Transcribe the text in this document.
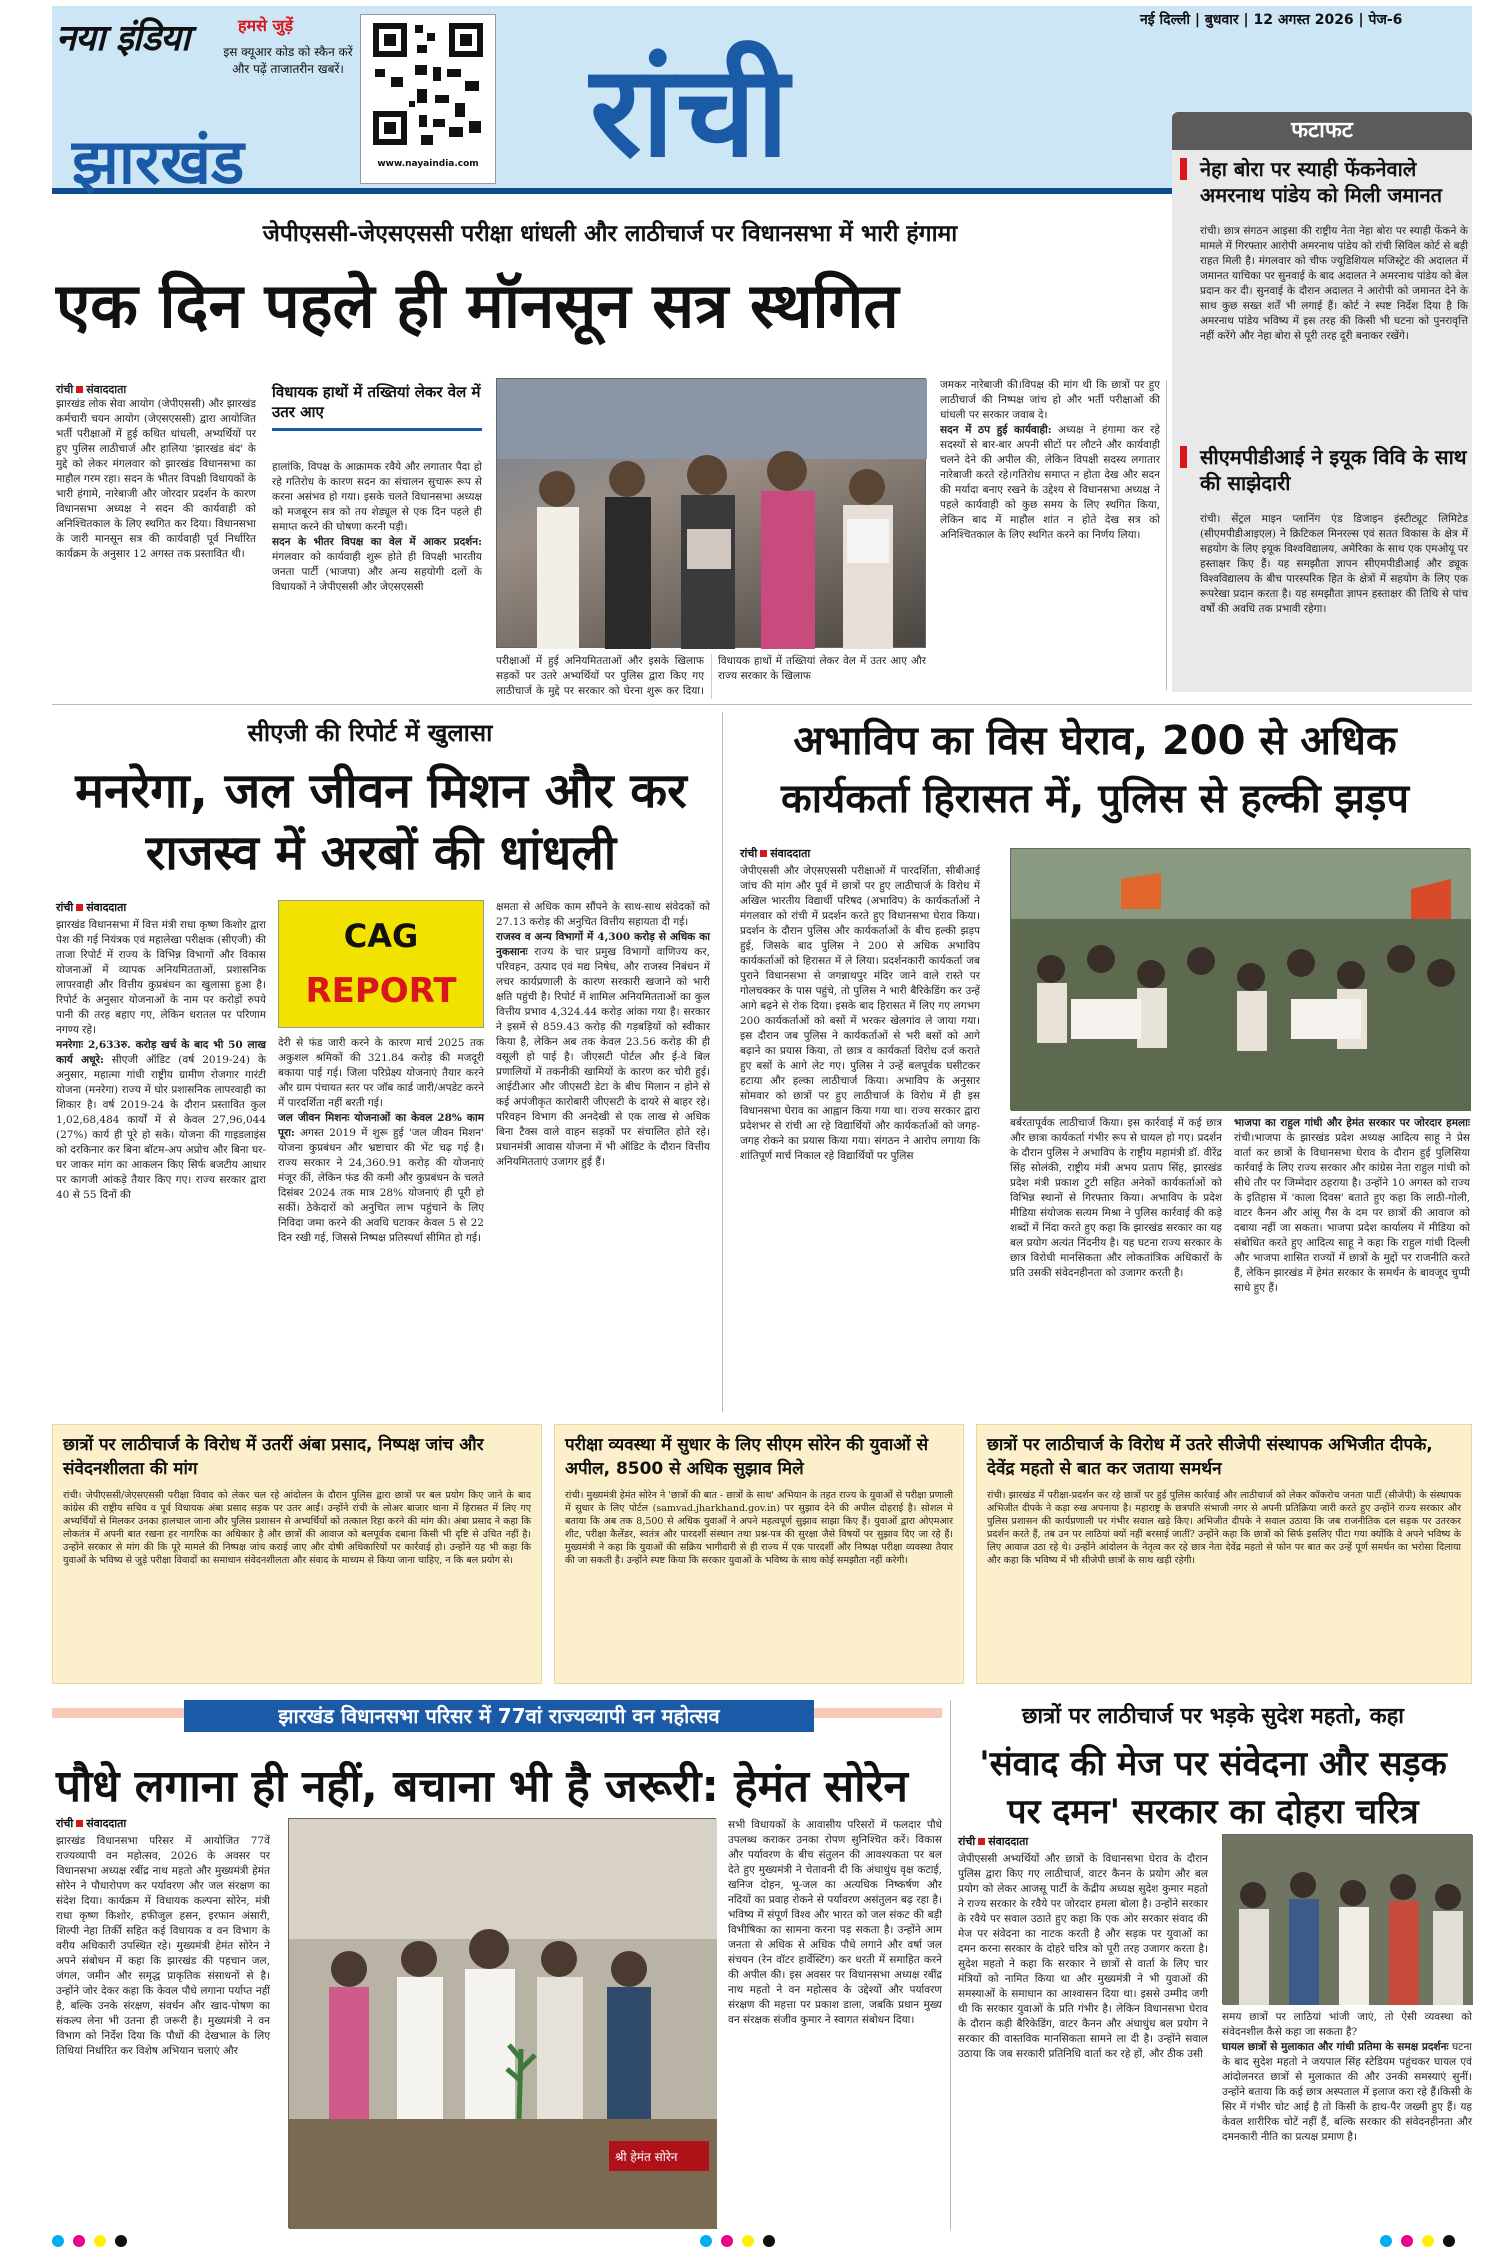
नया इंडिया
झारखंड
हमसे जुड़ें
इस क्यूआर कोड को स्कैन करें और पढ़ें ताजातरीन खबरें।
www.nayaindia.com रांची
नई दिल्ली | बुधवार | 12 अगस्त 2026 | पेज-6
फटाफट
नेहा बोरा पर स्याही फेंकनेवाले अमरनाथ पांडेय को मिली जमानत
रांची। छात्र संगठन आइसा की राष्ट्रीय नेता नेहा बोरा पर स्याही फेंकने के मामले में गिरफ्तार आरोपी अमरनाथ पांडेय को रांची सिविल कोर्ट से बड़ी राहत मिली है। मंगलवार को चीफ ज्यूडिशियल मजिस्ट्रेट की अदालत में जमानत याचिका पर सुनवाई के बाद अदालत ने अमरनाथ पांडेय को बेल प्रदान कर दी। सुनवाई के दौरान अदालत ने आरोपी को जमानत देने के साथ कुछ सख्त शर्तें भी लगाई हैं। कोर्ट ने स्पष्ट निर्देश दिया है कि अमरनाथ पांडेय भविष्य में इस तरह की किसी भी घटना को पुनरावृत्ति नहीं करेंगे और नेहा बोरा से पूरी तरह दूरी बनाकर रखेंगे।
सीएमपीडीआई ने इयूक विवि के साथ की साझेदारी
रांची। सेंट्रल माइन प्लानिंग एंड डिजाइन इंस्टीट्यूट लिमिटेड (सीएमपीडीआइएल) ने क्रिटिकल मिनरल्स एवं सतत विकास के क्षेत्र में सहयोग के लिए इयूक विश्वविद्यालय, अमेरिका के साथ एक एमओयू पर हस्ताक्षर किए हैं। यह समझौता ज्ञापन सीएमपीडीआई और ड्यूक विश्वविद्यालय के बीच पारस्परिक हित के क्षेत्रों में सहयोग के लिए एक रूपरेखा प्रदान करता है। यह समझौता ज्ञापन हस्ताक्षर की तिथि से पांच वर्षों की अवधि तक प्रभावी रहेगा।
जेपीएससी-जेएसएससी परीक्षा धांधली और लाठीचार्ज पर विधानसभा में भारी हंगामा
एक दिन पहले ही मॉनसून सत्र स्थगित
रांची संवाददाता
झारखंड लोक सेवा आयोग (जेपीएससी) और झारखंड कर्मचारी चयन आयोग (जेएसएससी) द्वारा आयोजित भर्ती परीक्षाओं में हुई कथित धांधली, अभ्यर्थियों पर हुए पुलिस लाठीचार्ज और हालिया 'झारखंड बंद' के मुद्दे को लेकर मंगलवार को झारखंड विधानसभा का माहौल गरम रहा। सदन के भीतर विपक्षी विधायकों के भारी हंगामे, नारेबाजी और जोरदार प्रदर्शन के कारण विधानसभा अध्यक्ष ने सदन की कार्यवाही को अनिश्चितकाल के लिए स्थगित कर दिया। विधानसभा के जारी मानसून सत्र की कार्यवाही पूर्व निर्धारित कार्यक्रम के अनुसार 12 अगस्त तक प्रस्तावित थी।
विधायक हाथों में तख्तियां लेकर वेल में उतर आए
हालांकि, विपक्ष के आक्रामक रवैये और लगातार पैदा हो रहे गतिरोध के कारण सदन का संचालन सुचारू रूप से करना असंभव हो गया। इसके चलते विधानसभा अध्यक्ष को मजबूरन सत्र को तय शेड्यूल से एक दिन पहले ही समाप्त करने की घोषणा करनी पड़ी।
सदन के भीतर विपक्ष का वेल में आकर प्रदर्शन: मंगलवार को कार्यवाही शुरू होते ही विपक्षी भारतीय जनता पार्टी (भाजपा) और अन्य सहयोगी दलों के विधायकों ने जेपीएससी और जेएसएससी
परीक्षाओं में हुई अनियमितताओं और इसके खिलाफ सड़कों पर उतरे अभ्यर्थियों पर पुलिस द्वारा किए गए लाठीचार्ज के मुद्दे पर सरकार को घेरना शुरू कर दिया। विधायक हाथों में तख्तियां लेकर वेल में उतर आए और राज्य सरकार के खिलाफ
जमकर नारेबाजी की।विपक्ष की मांग थी कि छात्रों पर हुए लाठीचार्ज की निष्पक्ष जांच हो और भर्ती परीक्षाओं की धांधली पर सरकार जवाब दे।
सदन में ठप हुई कार्यवाही: अध्यक्ष ने हंगामा कर रहे सदस्यों से बार-बार अपनी सीटों पर लौटने और कार्यवाही चलने देने की अपील की, लेकिन विपक्षी सदस्य लगातार नारेबाजी करते रहे।गतिरोध समाप्त न होता देख और सदन की मर्यादा बनाए रखने के उद्देश्य से विधानसभा अध्यक्ष ने पहले कार्यवाही को कुछ समय के लिए स्थगित किया, लेकिन बाद में माहौल शांत न होते देख सत्र को अनिश्चितकाल के लिए स्थगित करने का निर्णय लिया।
सीएजी की रिपोर्ट में खुलासा
मनरेगा, जल जीवन मिशन और कर राजस्व में अरबों की धांधली
रांची संवाददाता
झारखंड विधानसभा में वित्त मंत्री राधा कृष्ण किशोर द्वारा पेश की गई नियंत्रक एवं महालेखा परीक्षक (सीएजी) की ताजा रिपोर्ट में राज्य के विभिन्न विभागों और विकास योजनाओं में व्यापक अनियमितताओं, प्रशासनिक लापरवाही और वित्तीय कुप्रबंधन का खुलासा हुआ है। रिपोर्ट के अनुसार योजनाओं के नाम पर करोड़ों रुपये पानी की तरह बहाए गए, लेकिन धरातल पर परिणाम नगण्य रहे।
मनरेगाः 2,633रु. करोड़ खर्च के बाद भी 50 लाख कार्य अधूरे: सीएजी ऑडिट (वर्ष 2019-24) के अनुसार, महात्मा गांधी राष्ट्रीय ग्रामीण रोजगार गारंटी योजना (मनरेगा) राज्य में घोर प्रशासनिक लापरवाही का शिकार है। वर्ष 2019-24 के दौरान प्रस्तावित कुल 1,02,68,484 कार्यों में से केवल 27,96,044 (27%) कार्य ही पूरे हो सके। योजना की गाइडलाइंस को दरकिनार कर बिना बॉटम-अप अप्रोच और बिना घर-घर जाकर मांग का आकलन किए सिर्फ बजटीय आधार पर कागजी आंकड़े तैयार किए गए। राज्य सरकार द्वारा 40 से 55 दिनों की
CAG
REPORT
देरी से फंड जारी करने के कारण मार्च 2025 तक अकुशल श्रमिकों की 321.84 करोड़ की मजदूरी बकाया पाई गई। जिला परिप्रेक्ष्य योजनाएं तैयार करने और ग्राम पंचायत स्तर पर जॉब कार्ड जारी/अपडेट करने में पारदर्शिता नहीं बरती गई।
जल जीवन मिशनः योजनाओं का केवल 28% काम पूरा: अगस्त 2019 में शुरू हुई 'जल जीवन मिशन' योजना कुप्रबंधन और भ्रष्टाचार की भेंट चढ़ गई है। राज्य सरकार ने 24,360.91 करोड़ की योजनाएं मंजूर कीं, लेकिन फंड की कमी और कुप्रबंधन के चलते दिसंबर 2024 तक मात्र 28% योजनाएं ही पूरी हो सकीं। ठेकेदारों को अनुचित लाभ पहुंचाने के लिए निविदा जमा करने की अवधि घटाकर केवल 5 से 22 दिन रखी गई, जिससे निष्पक्ष प्रतिस्पर्धा सीमित हो गई।
क्षमता से अधिक काम सौंपने के साथ-साथ संवेदकों को 27.13 करोड़ की अनुचित वित्तीय सहायता दी गई।
राजस्व व अन्य विभागों में 4,300 करोड़ से अधिक का नुकसानः राज्य के चार प्रमुख विभागों वाणिज्य कर, परिवहन, उत्पाद एवं मद्य निषेध, और राजस्व निबंधन में लचर कार्यप्रणाली के कारण सरकारी खजाने को भारी क्षति पहुंची है। रिपोर्ट में शामिल अनियमितताओं का कुल वित्तीय प्रभाव 4,324.44 करोड़ आंका गया है। सरकार ने इसमें से 859.43 करोड़ की गड़बड़ियों को स्वीकार किया है, लेकिन अब तक केवल 23.56 करोड़ की ही वसूली हो पाई है। जीएसटी पोर्टल और ई-वे बिल प्रणालियों में तकनीकी खामियों के कारण कर चोरी हुई।आईटीआर और जीएसटी डेटा के बीच मिलान न होने से कई अपंजीकृत कारोबारी जीएसटी के दायरे से बाहर रहे। परिवहन विभाग की अनदेखी से एक लाख से अधिक बिना टैक्स वाले वाहन सड़कों पर संचालित होते रहे।प्रधानमंत्री आवास योजना में भी ऑडिट के दौरान वित्तीय अनियमितताएं उजागर हुई हैं।
अभाविप का विस घेराव, 200 से अधिक कार्यकर्ता हिरासत में, पुलिस से हल्की झड़प
रांची संवाददाता
जेपीएससी और जेएसएससी परीक्षाओं में पारदर्शिता, सीबीआई जांच की मांग और पूर्व में छात्रों पर हुए लाठीचार्ज के विरोध में अखिल भारतीय विद्यार्थी परिषद (अभाविप) के कार्यकर्ताओं ने मंगलवार को रांची में प्रदर्शन करते हुए विधानसभा घेराव किया। प्रदर्शन के दौरान पुलिस और कार्यकर्ताओं के बीच हल्की झड़प हुई, जिसके बाद पुलिस ने 200 से अधिक अभाविप कार्यकर्ताओं को हिरासत में ले लिया। प्रदर्शनकारी कार्यकर्ता जब पुराने विधानसभा से जगन्नाथपुर मंदिर जाने वाले रास्ते पर गोलचक्कर के पास पहुंचे, तो पुलिस ने भारी बैरिकेडिंग कर उन्हें आगे बढ़ने से रोक दिया। इसके बाद हिरासत में लिए गए लगभग 200 कार्यकर्ताओं को बसों में भरकर खेलगांव ले जाया गया। इस दौरान जब पुलिस ने कार्यकर्ताओं से भरी बसों को आगे बढ़ाने का प्रयास किया, तो छात्र व कार्यकर्ता विरोध दर्ज कराते हुए बसों के आगे लेट गए। पुलिस ने उन्हें बलपूर्वक घसीटकर हटाया और हल्का लाठीचार्ज किया। अभाविप के अनुसार सोमवार को छात्रों पर हुए लाठीचार्ज के विरोध में ही इस विधानसभा घेराव का आह्वान किया गया था। राज्य सरकार द्वारा प्रदेशभर से रांची आ रहे विद्यार्थियों और कार्यकर्ताओं को जगह-जगह रोकने का प्रयास किया गया। संगठन ने आरोप लगाया कि शांतिपूर्ण मार्च निकाल रहे विद्यार्थियों पर पुलिस
बर्बरतापूर्वक लाठीचार्ज किया। इस कार्रवाई में कई छात्र और छात्रा कार्यकर्ता गंभीर रूप से घायल हो गए। प्रदर्शन के दौरान पुलिस ने अभाविप के राष्ट्रीय महामंत्री डॉ. वीरेंद्र सिंह सोलंकी, राष्ट्रीय मंत्री अभय प्रताप सिंह, झारखंड प्रदेश मंत्री प्रकाश टुटी सहित अनेकों कार्यकर्ताओं को विभिन्न स्थानों से गिरफ्तार किया। अभाविप के प्रदेश मीडिया संयोजक सत्यम मिश्रा ने पुलिस कार्रवाई की कड़े शब्दों में निंदा करते हुए कहा कि झारखंड सरकार का यह बल प्रयोग अत्यंत निंदनीय है। यह घटना राज्य सरकार के छात्र विरोधी मानसिकता और लोकतांत्रिक अधिकारों के प्रति उसकी संवेदनहीनता को उजागर करती है।
भाजपा का राहुल गांधी और हेमंत सरकार पर जोरदार हमलाः रांची।भाजपा के झारखंड प्रदेश अध्यक्ष आदित्य साहू ने प्रेस वार्ता कर छात्रों के विधानसभा घेराव के दौरान हुई पुलिसिया कार्रवाई के लिए राज्य सरकार और कांग्रेस नेता राहुल गांधी को सीधे तौर पर जिम्मेदार ठहराया है। उन्होंने 10 अगस्त को राज्य के इतिहास में 'काला दिवस' बताते हुए कहा कि लाठी-गोली, वाटर कैनन और आंसू गैस के दम पर छात्रों की आवाज को दबाया नहीं जा सकता। भाजपा प्रदेश कार्यालय में मीडिया को संबोधित करते हुए आदित्य साहू ने कहा कि राहुल गांधी दिल्ली और भाजपा शासित राज्यों में छात्रों के मुद्दों पर राजनीति करते हैं, लेकिन झारखंड में हेमंत सरकार के समर्थन के बावजूद चुप्पी साधे हुए हैं।
छात्रों पर लाठीचार्ज के विरोध में उतरीं अंबा प्रसाद, निष्पक्ष जांच और संवेदनशीलता की मांग
रांची। जेपीएससी/जेएसएससी परीक्षा विवाद को लेकर चल रहे आंदोलन के दौरान पुलिस द्वारा छात्रों पर बल प्रयोग किए जाने के बाद कांग्रेस की राष्ट्रीय सचिव व पूर्व विधायक अंबा प्रसाद सड़क पर उतर आईं। उन्होंने रांची के लोअर बाजार थाना में हिरासत में लिए गए अभ्यर्थियों से मिलकर उनका हालचाल जाना और पुलिस प्रशासन से अभ्यर्थियों को तत्काल रिहा करने की मांग की। अंबा प्रसाद ने कहा कि लोकतंत्र में अपनी बात रखना हर नागरिक का अधिकार है और छात्रों की आवाज को बलपूर्वक दबाना किसी भी दृष्टि से उचित नहीं है। उन्होंने सरकार से मांग की कि पूरे मामले की निष्पक्ष जांच कराई जाए और दोषी अधिकारियों पर कार्रवाई हो। उन्होंने यह भी कहा कि युवाओं के भविष्य से जुड़े परीक्षा विवादों का समाधान संवेदनशीलता और संवाद के माध्यम से किया जाना चाहिए, न कि बल प्रयोग से।
परीक्षा व्यवस्था में सुधार के लिए सीएम सोरेन की युवाओं से अपील, 8500 से अधिक सुझाव मिले
रांची। मुख्यमंत्री हेमंत सोरेन ने 'छात्रों की बात - छात्रों के साथ' अभियान के तहत राज्य के युवाओं से परीक्षा प्रणाली में सुधार के लिए पोर्टल (samvad.jharkhand.gov.in) पर सुझाव देने की अपील दोहराई है। सोशल मे बताया कि अब तक 8,500 से अधिक युवाओं ने अपने महत्वपूर्ण सुझाव साझा किए हैं। युवाओं द्वारा ओएमआर शीट, परीक्षा कैलेंडर, स्वतंत्र और पारदर्शी संस्थान तथा प्रश्न-पत्र की सुरक्षा जैसे विषयों पर सुझाव दिए जा रहे हैं। मुख्यमंत्री ने कहा कि युवाओं की सक्रिय भागीदारी से ही राज्य में एक पारदर्शी और निष्पक्ष परीक्षा व्यवस्था तैयार की जा सकती है। उन्होंने स्पष्ट किया कि सरकार युवाओं के भविष्य के साथ कोई समझौता नहीं करेगी।
छात्रों पर लाठीचार्ज के विरोध में उतरे सीजेपी संस्थापक अभिजीत दीपके, देवेंद्र महतो से बात कर जताया समर्थन
रांची। झारखंड में परीक्षा-प्रदर्शन कर रहे छात्रों पर हुई पुलिस कार्रवाई और लाठीचार्ज को लेकर कॉकरोच जनता पार्टी (सीजेपी) के संस्थापक अभिजीत दीपके ने कड़ा रुख अपनाया है। महाराष्ट्र के छत्रपति संभाजी नगर से अपनी प्रतिक्रिया जारी करते हुए उन्होंने राज्य सरकार और पुलिस प्रशासन की कार्यप्रणाली पर गंभीर सवाल खड़े किए। अभिजीत दीपके ने सवाल उठाया कि जब राजनीतिक दल सड़क पर उतरकर प्रदर्शन करते हैं, तब उन पर लाठियां क्यों नहीं बरसाई जातीं? उन्होंने कहा कि छात्रों को सिर्फ इसलिए पीटा गया क्योंकि वे अपने भविष्य के लिए आवाज उठा रहे थे। उन्होंने आंदोलन के नेतृत्व कर रहे छात्र नेता देवेंद्र महतो से फोन पर बात कर उन्हें पूर्ण समर्थन का भरोसा दिलाया और कहा कि भविष्य में भी सीजेपी छात्रों के साथ खड़ी रहेगी।
झारखंड विधानसभा परिसर में 77वां राज्यव्यापी वन महोत्सव
पौधे लगाना ही नहीं, बचाना भी है जरूरी: हेमंत सोरेन
रांची संवाददाता
झारखंड विधानसभा परिसर में आयोजित 77वें राज्यव्यापी वन महोत्सव, 2026 के अवसर पर विधानसभा अध्यक्ष रबींद्र नाथ महतो और मुख्यमंत्री हेमंत सोरेन ने पौधारोपण कर पर्यावरण और जल संरक्षण का संदेश दिया। कार्यक्रम में विधायक कल्पना सोरेन, मंत्री राधा कृष्ण किशोर, हफीजुल हसन, इरफान अंसारी, शिल्पी नेहा तिर्की सहित कई विधायक व वन विभाग के वरीय अधिकारी उपस्थित रहे। मुख्यमंत्री हेमंत सोरेन ने अपने संबोधन में कहा कि झारखंड की पहचान जल, जंगल, जमीन और समृद्ध प्राकृतिक संसाधनों से है। उन्होंने जोर देकर कहा कि केवल पौधे लगाना पर्याप्त नहीं है, बल्कि उनके संरक्षण, संवर्धन और खाद-पोषण का संकल्प लेना भी उतना ही जरूरी है। मुख्यमंत्री ने वन विभाग को निर्देश दिया कि पौधों की देखभाल के लिए तिथियां निर्धारित कर विशेष अभियान चलाएं और
श्री हेमंत सोरेन
सभी विधायकों के आवासीय परिसरों में फलदार पौधे उपलब्ध कराकर उनका रोपण सुनिश्चित करें। विकास और पर्यावरण के बीच संतुलन की आवश्यकता पर बल देते हुए मुख्यमंत्री ने चेतावनी दी कि अंधाधुंध वृक्ष कटाई, खनिज दोहन, भू-जल का अत्यधिक निष्कर्षण और नदियों का प्रवाह रोकने से पर्यावरण असंतुलन बढ़ रहा है। भविष्य में संपूर्ण विश्व और भारत को जल संकट की बड़ी विभीषिका का सामना करना पड़ सकता है। उन्होंने आम जनता से अधिक से अधिक पौधे लगाने और वर्षा जल संचयन (रेन वॉटर हार्वेस्टिंग) कर धरती में समाहित करने की अपील की। इस अवसर पर विधानसभा अध्यक्ष रबींद्र नाथ महतो ने वन महोत्सव के उद्देश्यों और पर्यावरण संरक्षण की महत्ता पर प्रकाश डाला, जबकि प्रधान मुख्य वन संरक्षक संजीव कुमार ने स्वागत संबोधन दिया।
छात्रों पर लाठीचार्ज पर भड़के सुदेश महतो, कहा
'संवाद की मेज पर संवेदना और सड़क पर दमन' सरकार का दोहरा चरित्र
रांची संवाददाता
जेपीएससी अभ्यर्थियों और छात्रों के विधानसभा घेराव के दौरान पुलिस द्वारा किए गए लाठीचार्ज, वाटर कैनन के प्रयोग और बल प्रयोग को लेकर आजसू पार्टी के केंद्रीय अध्यक्ष सुदेश कुमार महतो ने राज्य सरकार के रवैये पर जोरदार हमला बोला है। उन्होंने सरकार के रवैये पर सवाल उठाते हुए कहा कि एक ओर सरकार संवाद की मेज पर संवेदना का नाटक करती है और सड़क पर युवाओं का दमन करना सरकार के दोहरे चरित्र को पूरी तरह उजागर करता है। सुदेश महतो ने कहा कि सरकार ने छात्रों से वार्ता के लिए चार मंत्रियों को नामित किया था और मुख्यमंत्री ने भी युवाओं की समस्याओं के समाधान का आश्वासन दिया था। इससे उम्मीद जगी थी कि सरकार युवाओं के प्रति गंभीर है। लेकिन विधानसभा घेराव के दौरान कड़ी बैरिकेडिंग, वाटर कैनन और अंधाधुंध बल प्रयोग ने सरकार की वास्तविक मानसिकता सामने ला दी है। उन्होंने सवाल उठाया कि जब सरकारी प्रतिनिधि वार्ता कर रहे हों, और ठीक उसी
समय छात्रों पर लाठियां भांजी जाएं, तो ऐसी व्यवस्था को संवेदनशील कैसे कहा जा सकता है?
घायल छात्रों से मुलाकात और गांधी प्रतिमा के समक्ष प्रदर्शनः घटना के बाद सुदेश महतो ने जयपाल सिंह स्टेडियम पहुंचकर घायल एवं आंदोलनरत छात्रों से मुलाकात की और उनकी समस्याएं सुनीं। उन्होंने बताया कि कई छात्र अस्पताल में इलाज करा रहे हैं।किसी के सिर में गंभीर चोट आई है तो किसी के हाथ-पैर जख्मी हुए हैं। यह केवल शारीरिक चोटें नहीं हैं, बल्कि सरकार की संवेदनहीनता और दमनकारी नीति का प्रत्यक्ष प्रमाण है।
